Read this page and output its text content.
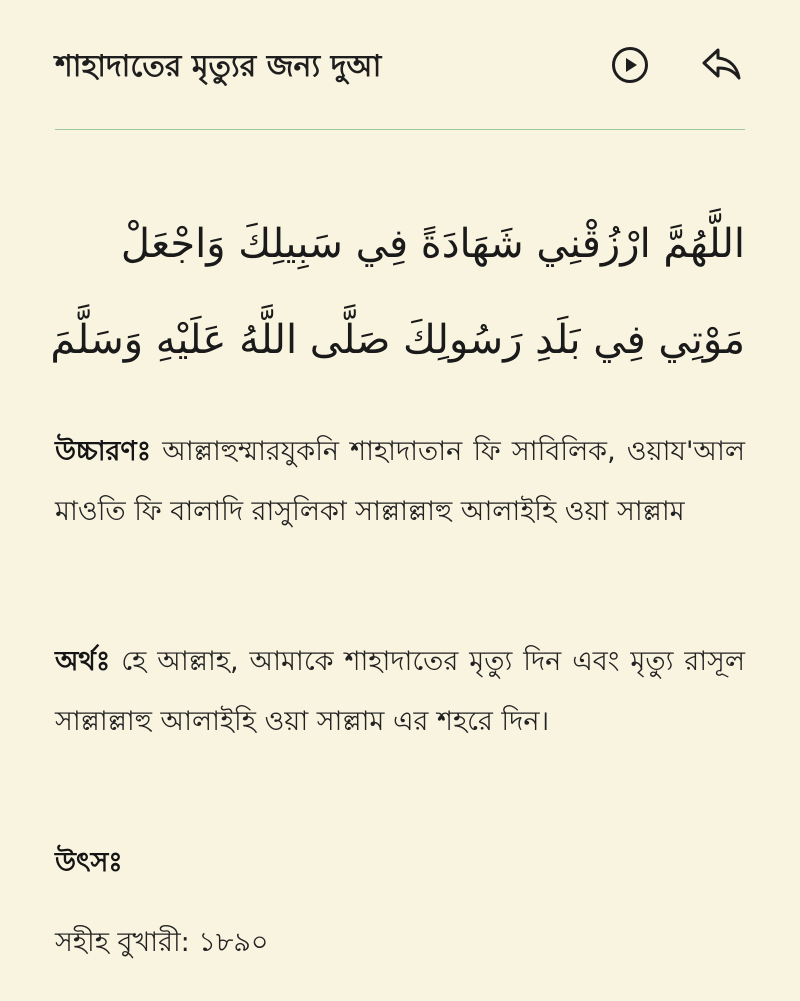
শাহাদাতের মৃত্যুর জন্য দুআ
اللَّهُمَّ ارْزُقْنِي شَهَادَةً فِي سَبِيلِكَ وَاجْعَلْ
مَوْتِي فِي بَلَدِ رَسُولِكَ صَلَّى اللَّهُ عَلَيْهِ وَسَلَّمَ
উচ্চারণঃ আল্লাহুম্মারযুকনি শাহাদাতান ফি সাবিলিক, ওয়ায'আল মাওতি ফি বালাদি রাসুলিকা সাল্লাল্লাহু আলাইহি ওয়া সাল্লাম
অর্থঃ হে আল্লাহ, আমাকে শাহাদাতের মৃত্যু দিন এবং মৃত্যু রাসূল সাল্লাল্লাহু আলাইহি ওয়া সাল্লাম এর শহরে দিন।
উৎসঃ
সহীহ বুখারী: ১৮৯০
